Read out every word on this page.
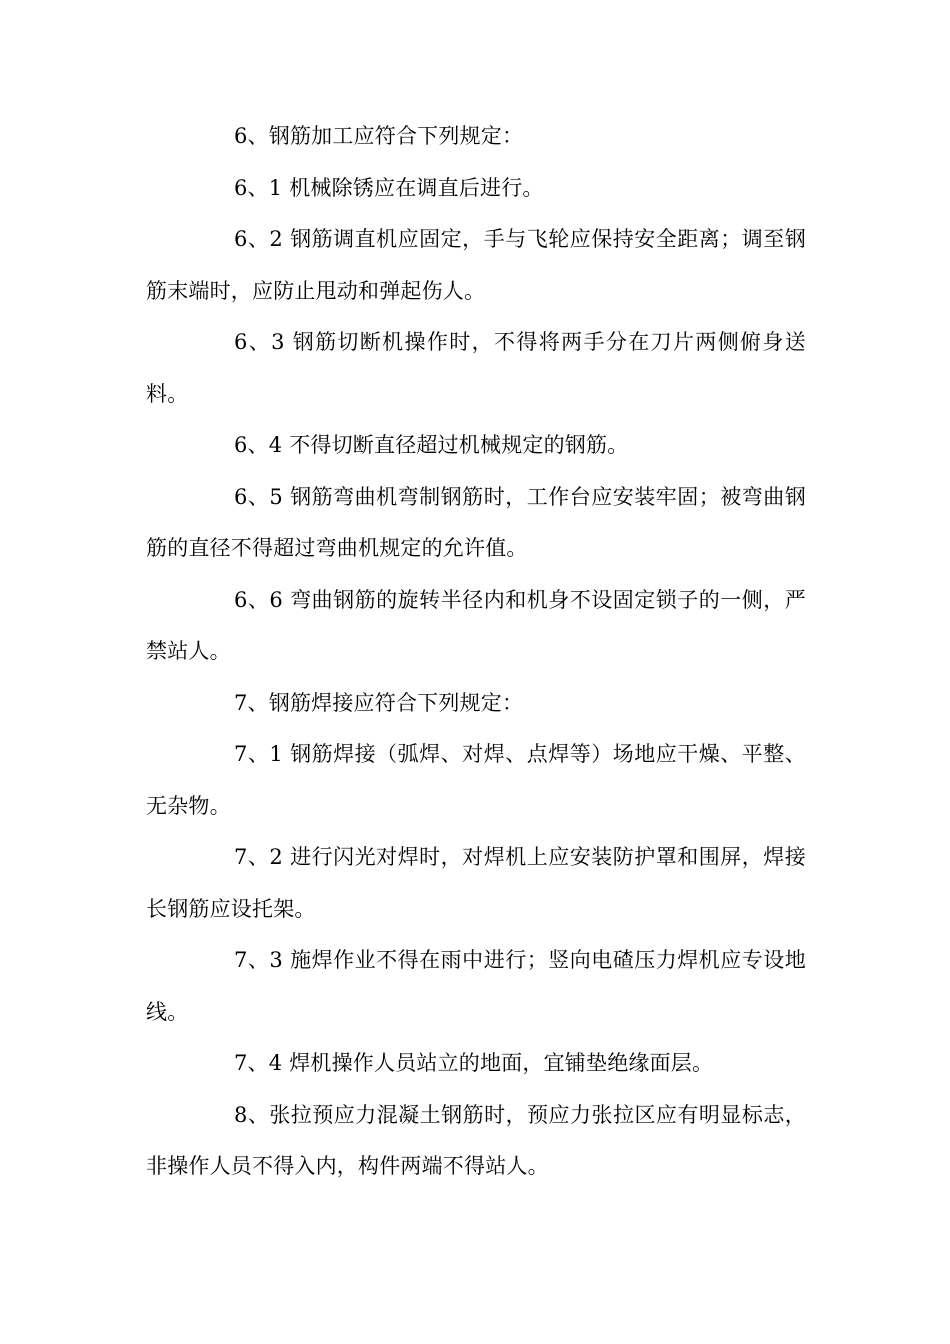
6、钢筋加工应符合下列规定：

6、1 机械除锈应在调直后进行。

6、2 钢筋调直机应固定，手与飞轮应保持安全距离；调至钢筋末端时，应防止甩动和弹起伤人。

6、3 钢筋切断机操作时，不得将两手分在刀片两侧俯身送料。

6、4 不得切断直径超过机械规定的钢筋。

6、5 钢筋弯曲机弯制钢筋时，工作台应安装牢固；被弯曲钢筋的直径不得超过弯曲机规定的允许值。

6、6 弯曲钢筋的旋转半径内和机身不设固定锁子的一侧，严禁站人。

7、钢筋焊接应符合下列规定：

7、1 钢筋焊接（弧焊、对焊、点焊等）场地应干燥、平整、无杂物。

7、2 进行闪光对焊时，对焊机上应安装防护罩和围屏，焊接长钢筋应设托架。

7、3 施焊作业不得在雨中进行；竖向电碴压力焊机应专设地线。

7、4 焊机操作人员站立的地面，宜铺垫绝缘面层。

8、张拉预应力混凝土钢筋时，预应力张拉区应有明显标志，非操作人员不得入内，构件两端不得站人。
